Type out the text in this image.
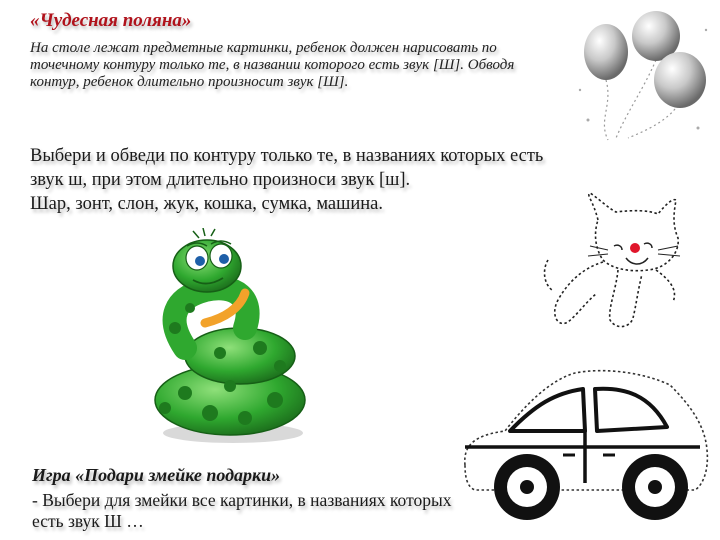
«Чудесная поляна»
На столе лежат предметные картинки, ребенок должен нарисовать по точечному контуру только те, в названии которого есть звук [Ш]. Обводя контур, ребенок длительно произносит звук [Ш].

Выбери и обведи по контуру только те, в названиях которых есть звук ш, при этом длительно произноси звук [ш].

Шар, зонт, слон, жук, кошка, сумка, машина.

Игра «Подари змейке подарки»
- Выбери для змейки все картинки, в названиях которых есть звук Ш …
